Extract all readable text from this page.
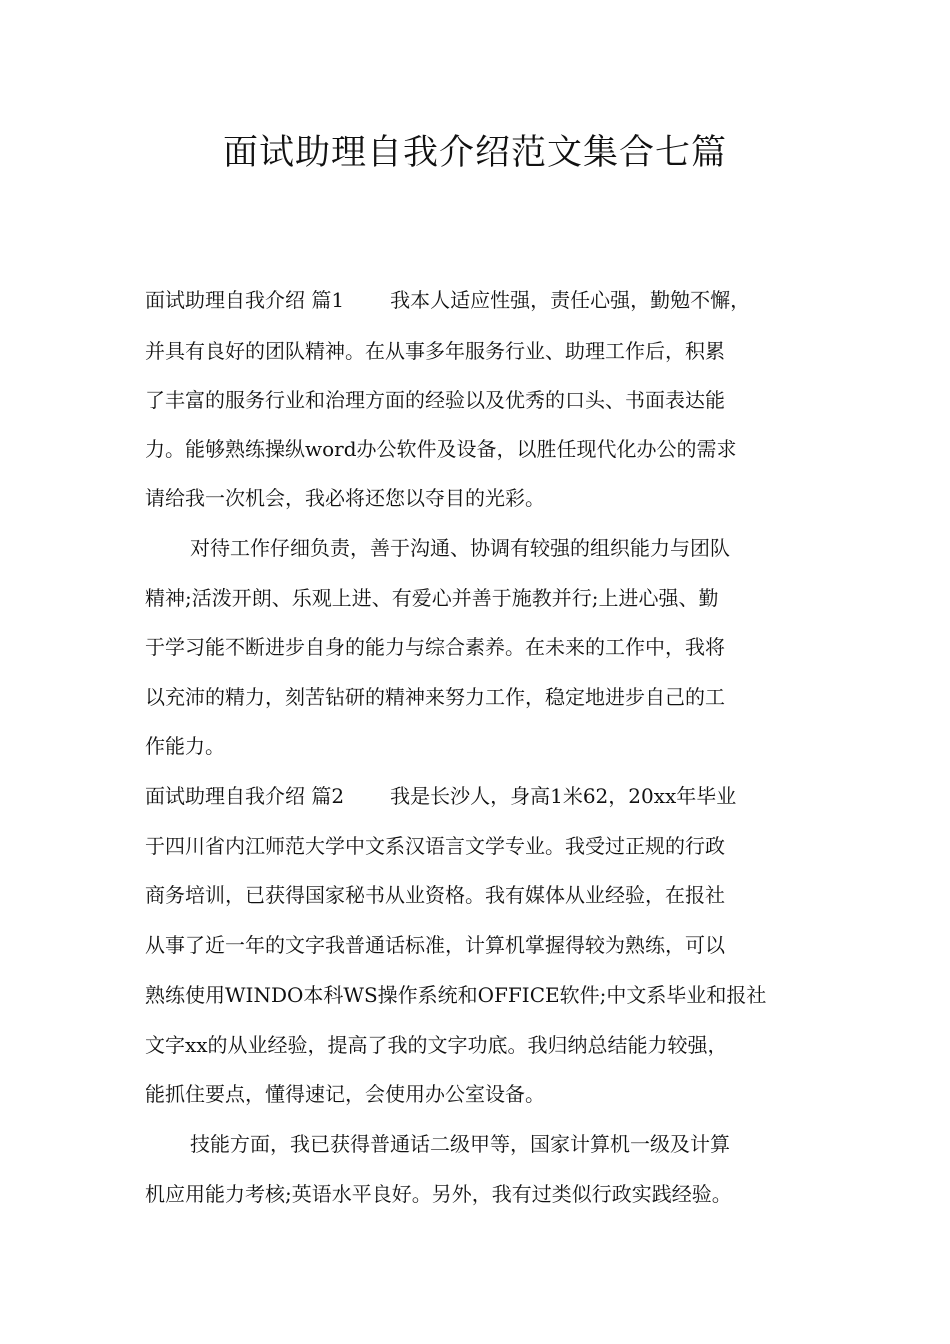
面试助理自我介绍范文集合七篇
面试助理自我介绍 篇1 我本人适应性强，责任心强，勤勉不懈，
并具有良好的团队精神。在从事多年服务行业、助理工作后，积累
了丰富的服务行业和治理方面的经验以及优秀的口头、书面表达能
力。能够熟练操纵word办公软件及设备，以胜任现代化办公的需求
请给我一次机会，我必将还您以夺目的光彩。
对待工作仔细负责，善于沟通、协调有较强的组织能力与团队
精神;活泼开朗、乐观上进、有爱心并善于施教并行;上进心强、勤
于学习能不断进步自身的能力与综合素养。在未来的工作中，我将
以充沛的精力，刻苦钻研的精神来努力工作，稳定地进步自己的工
作能力。
面试助理自我介绍 篇2 我是长沙人，身高1米62，20xx年毕业
于四川省内江师范大学中文系汉语言文学专业。我受过正规的行政
商务培训，已获得国家秘书从业资格。我有媒体从业经验，在报社
从事了近一年的文字我普通话标准，计算机掌握得较为熟练，可以
熟练使用WINDO本科WS操作系统和OFFICE软件;中文系毕业和报社
文字xx的从业经验，提高了我的文字功底。我归纳总结能力较强，
能抓住要点，懂得速记，会使用办公室设备。
技能方面，我已获得普通话二级甲等，国家计算机一级及计算
机应用能力考核;英语水平良好。另外，我有过类似行政实践经验。
